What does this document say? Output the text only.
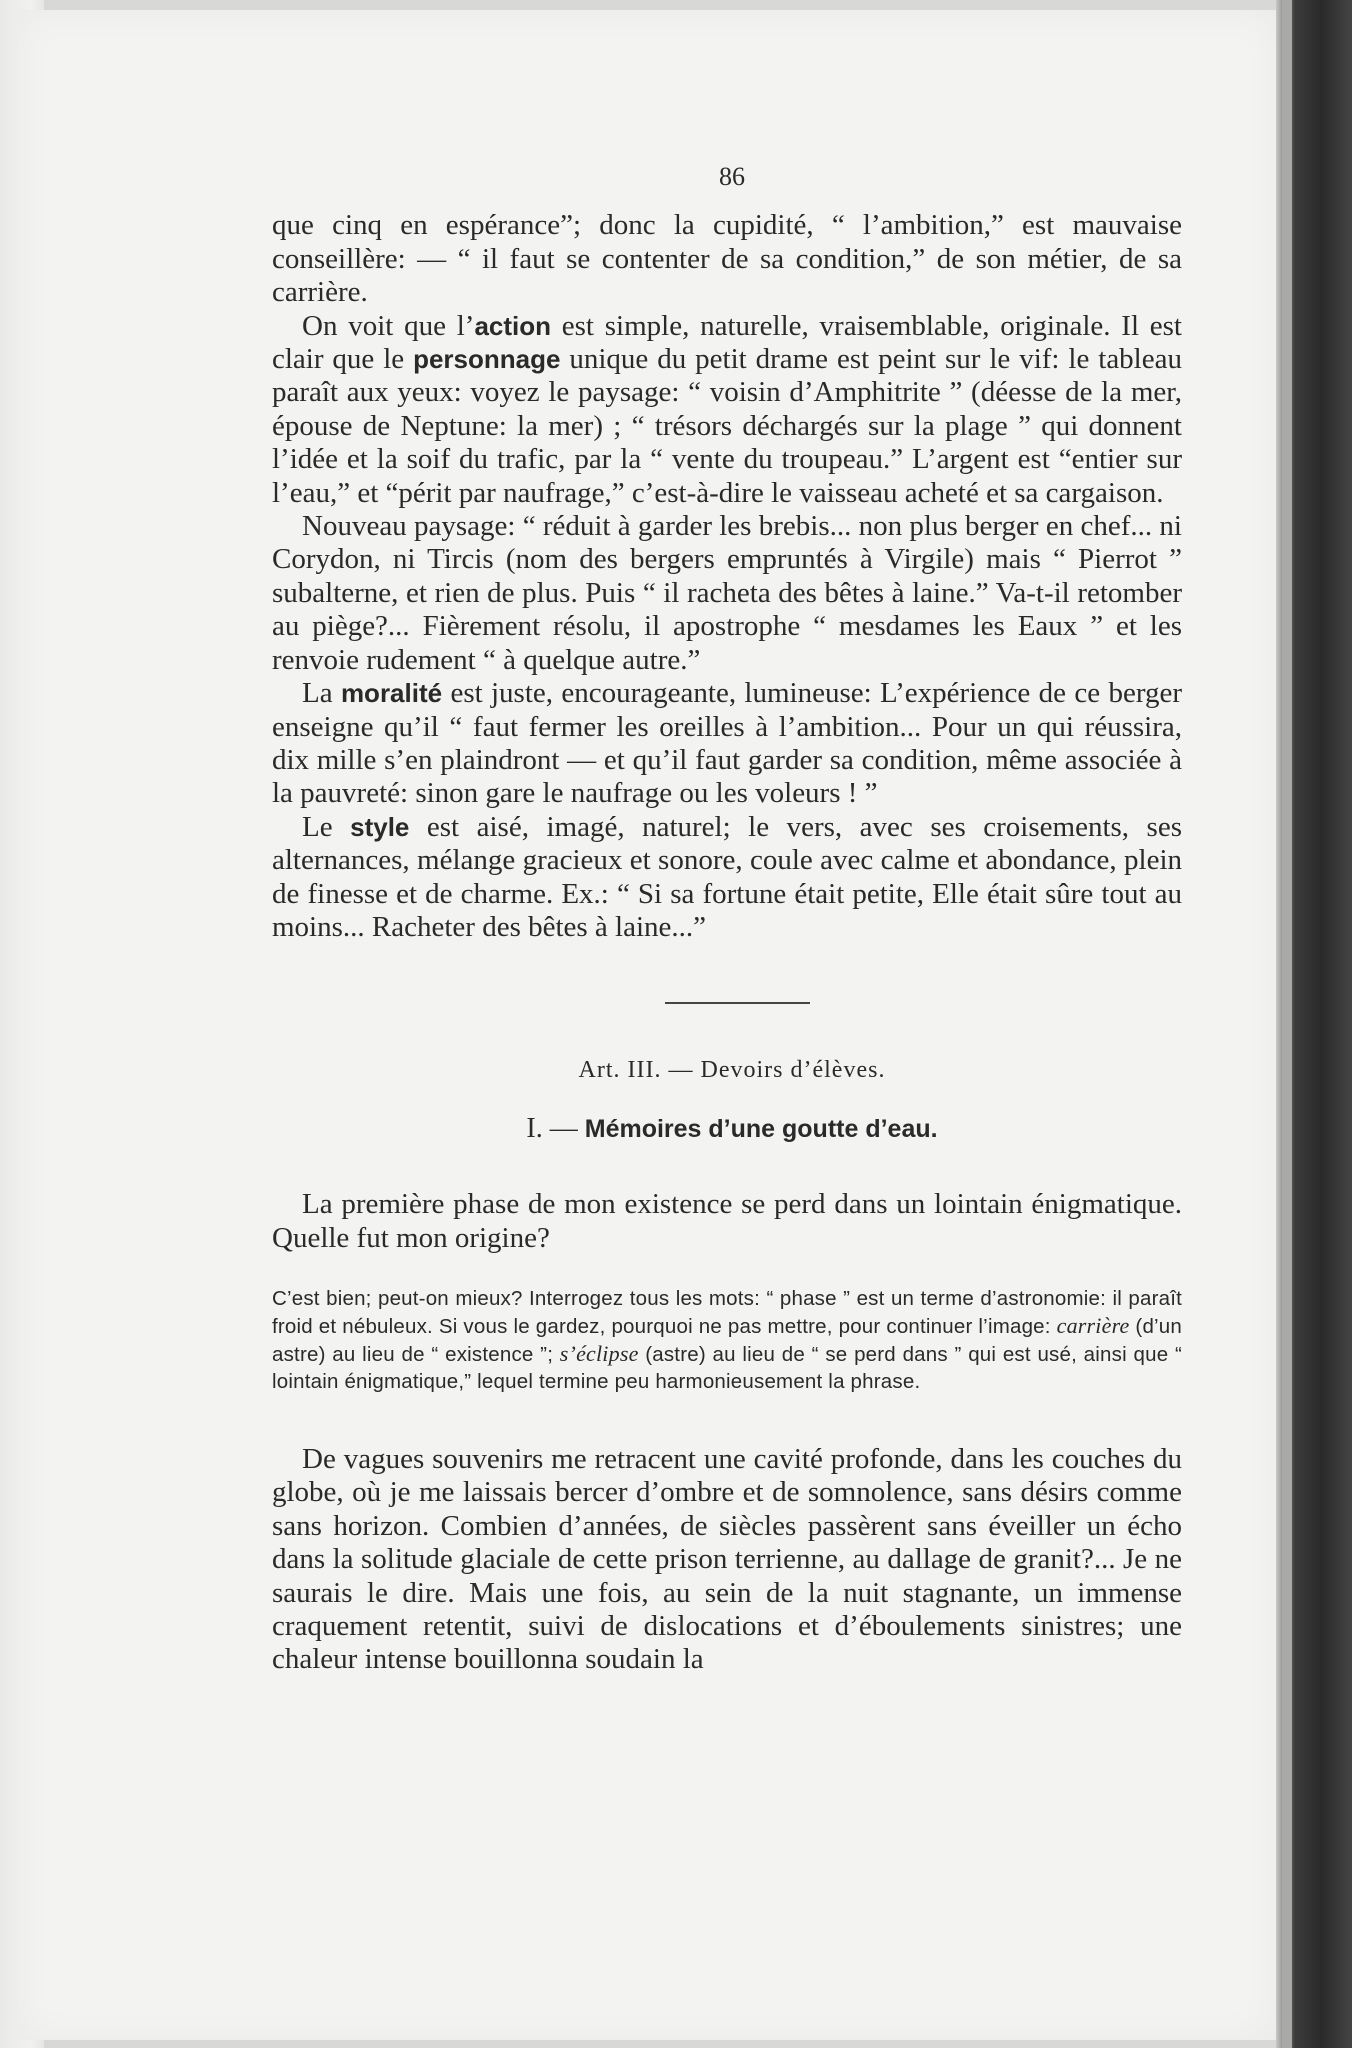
86

que cinq en espérance”; donc la cupidité, “ l’ambition,” est mauvaise conseillère: — “ il faut se contenter de sa condition,” de son métier, de sa carrière.

On voit que l’action est simple, naturelle, vraisemblable, originale. Il est clair que le personnage unique du petit drame est peint sur le vif: le tableau paraît aux yeux: voyez le paysage: “ voisin d’Amphitrite ” (déesse de la mer, épouse de Neptune: la mer) ; “ trésors déchargés sur la plage ” qui donnent l’idée et la soif du trafic, par la “ vente du troupeau.” L’argent est “entier sur l’eau,” et “périt par naufrage,” c’est-à-dire le vaisseau acheté et sa cargaison.

Nouveau paysage: “ réduit à garder les brebis... non plus berger en chef... ni Corydon, ni Tircis (nom des bergers empruntés à Virgile) mais “ Pierrot ” subalterne, et rien de plus. Puis “ il racheta des bêtes à laine.” Va-t-il retomber au piège?... Fièrement résolu, il apostrophe “ mesdames les Eaux ” et les renvoie rudement “ à quelque autre.”

La moralité est juste, encourageante, lumineuse: L’expérience de ce berger enseigne qu’il “ faut fermer les oreilles à l’ambition... Pour un qui réussira, dix mille s’en plaindront — et qu’il faut garder sa condition, même associée à la pauvreté: sinon gare le naufrage ou les voleurs ! ”

Le style est aisé, imagé, naturel; le vers, avec ses croisements, ses alternances, mélange gracieux et sonore, coule avec calme et abondance, plein de finesse et de charme. Ex.: “ Si sa fortune était petite, Elle était sûre tout au moins... Racheter des bêtes à laine...”

Art. III. — Devoirs d’élèves.
I. — Mémoires d’une goutte d’eau.

La première phase de mon existence se perd dans un lointain énigmatique. Quelle fut mon origine?

C’est bien; peut-on mieux? Interrogez tous les mots: “ phase ” est un terme d’astronomie: il paraît froid et nébuleux. Si vous le gardez, pourquoi ne pas mettre, pour continuer l’image: carrière (d’un astre) au lieu de “ existence ”; s’éclipse (astre) au lieu de “ se perd dans ” qui est usé, ainsi que “ lointain énigmatique,” lequel termine peu harmonieusement la phrase.

De vagues souvenirs me retracent une cavité profonde, dans les couches du globe, où je me laissais bercer d’ombre et de somnolence, sans désirs comme sans horizon. Combien d’années, de siècles passèrent sans éveiller un écho dans la solitude glaciale de cette prison terrienne, au dallage de granit?... Je ne saurais le dire. Mais une fois, au sein de la nuit stagnante, un immense craquement retentit, suivi de dislocations et d’éboulements sinistres; une chaleur intense bouillonna soudain la
